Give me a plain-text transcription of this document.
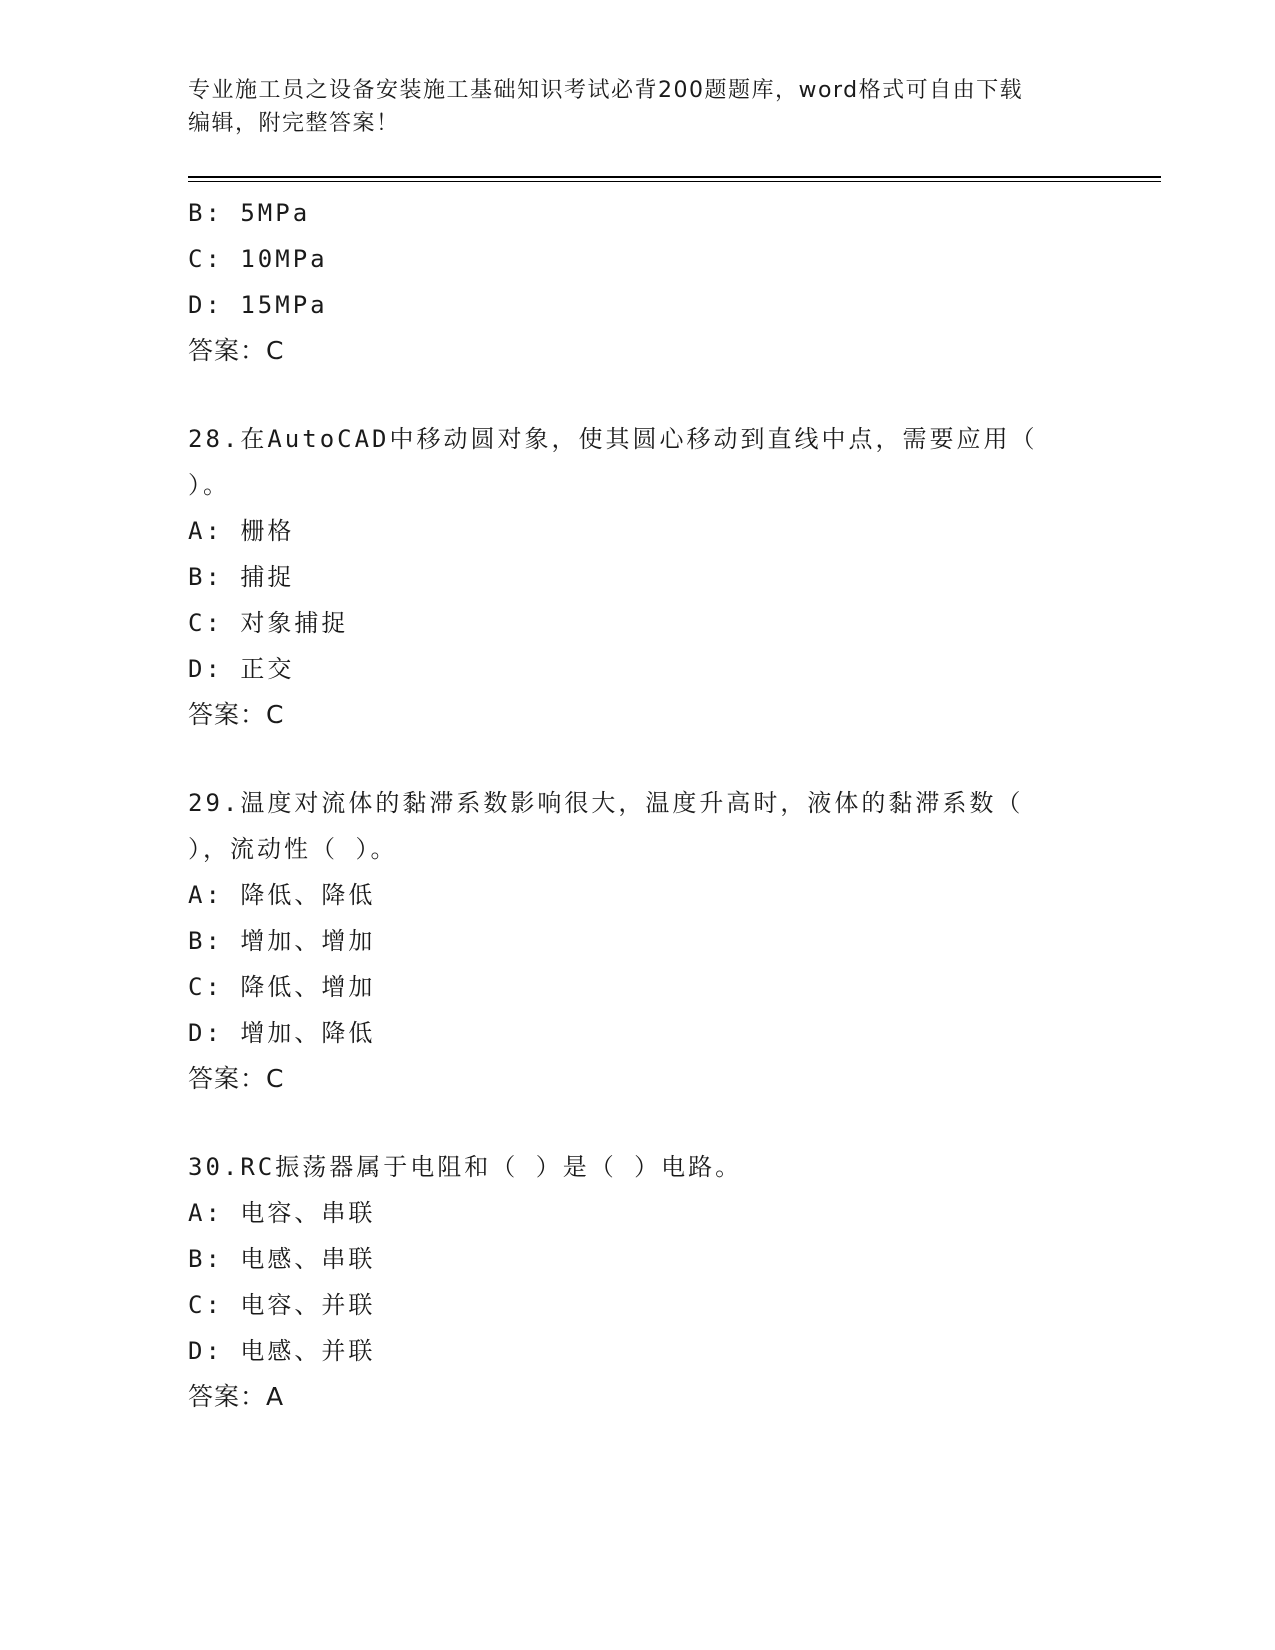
专业施工员之设备安装施工基础知识考试必背200题题库，word格式可自由下载
编辑，附完整答案！
B: 5MPa
C: 10MPa
D: 15MPa
答案：C
28.在AutoCAD中移动圆对象，使其圆心移动到直线中点，需要应用（
）。
A: 栅格
B: 捕捉
C: 对象捕捉
D: 正交
答案：C
29.温度对流体的黏滞系数影响很大，温度升高时，液体的黏滞系数（
），流动性（ ）。
A: 降低、降低
B: 增加、增加
C: 降低、增加
D: 增加、降低
答案：C
30.RC振荡器属于电阻和（ ）是（ ）电路。
A: 电容、串联
B: 电感、串联
C: 电容、并联
D: 电感、并联
答案：A
